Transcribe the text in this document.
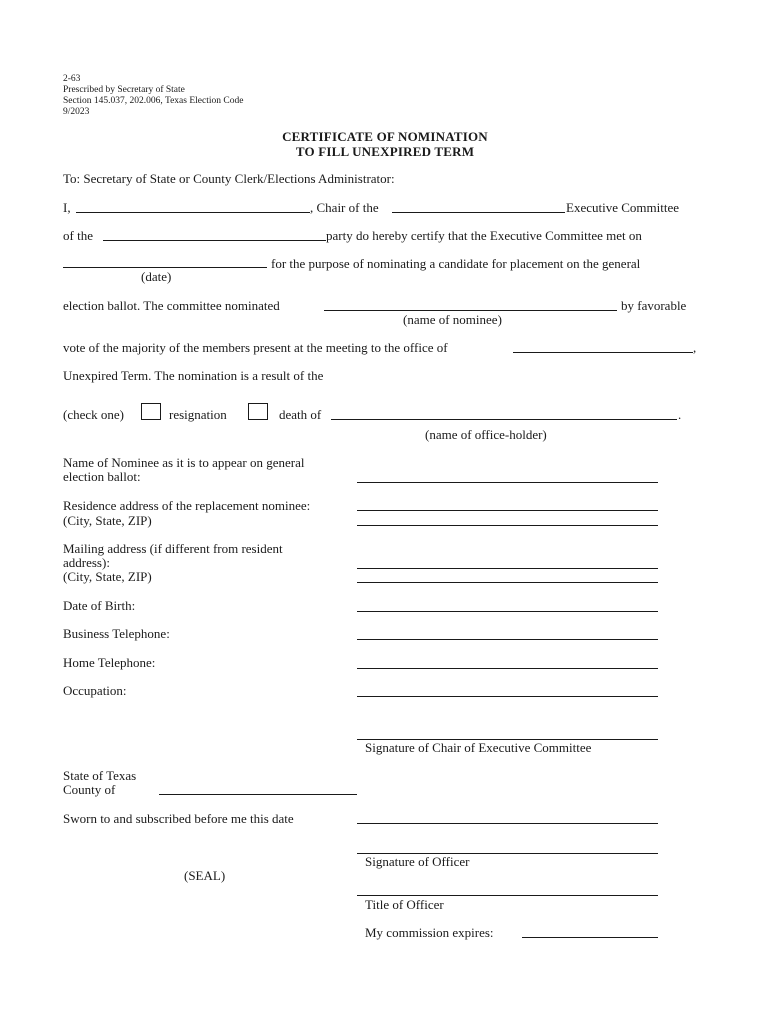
2-63
Prescribed by Secretary of State
Section 145.037, 202.006, Texas Election Code
9/2023
CERTIFICATE OF NOMINATION
TO FILL UNEXPIRED TERM
To: Secretary of State or County Clerk/Elections Administrator:
I,	, Chair of the	Executive Committee
of the	party do hereby certify that the Executive Committee met on
for the purpose of nominating a candidate for placement on the general
(date)
election ballot. The committee nominated	by favorable
(name of nominee)
vote of the majority of the members present at the meeting to the office of	,
Unexpired Term. The nomination is a result of the
(check one)	resignation	death of	.
(name of office-holder)
Name of Nominee as it is to appear on general
election ballot:
Residence address of the replacement nominee:
(City, State, ZIP)
Mailing address (if different from resident
address):
(City, State, ZIP)
Date of Birth:
Business Telephone:
Home Telephone:
Occupation:
Signature of Chair of Executive Committee
State of Texas
County of
Sworn to and subscribed before me this date
Signature of Officer
(SEAL)
Title of Officer
My commission expires:
